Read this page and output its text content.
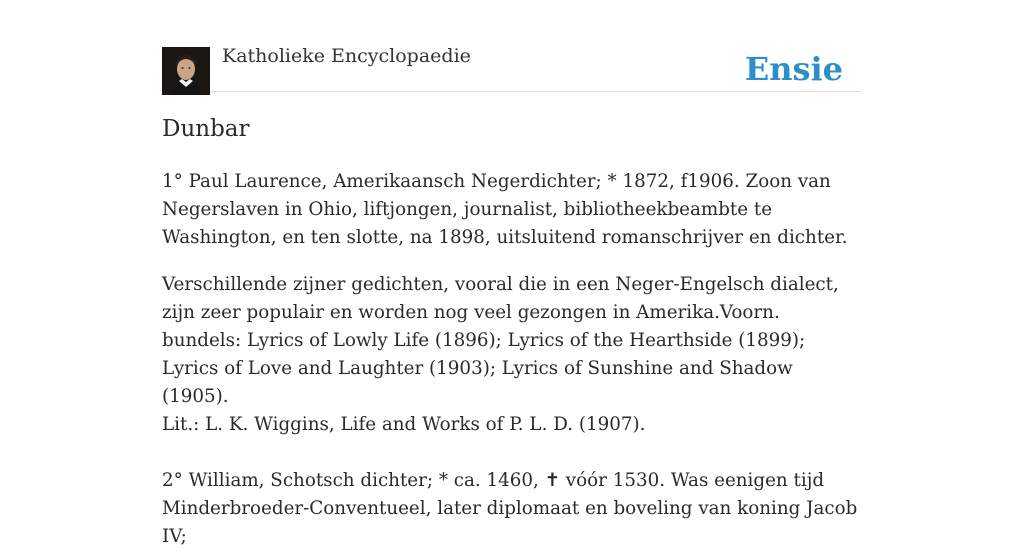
Katholieke Encyclopaedie	Ensie
Dunbar

1° Paul Laurence, Amerikaansch Negerdichter; * 1872, f1906. Zoon van Negerslaven in Ohio, liftjongen, journalist, bibliotheekbeambte te Washington, en ten slotte, na 1898, uitsluitend romanschrijver en dichter.

Verschillende zijner gedichten, vooral die in een Neger-Engelsch dialect, zijn zeer populair en worden nog veel gezongen in Amerika.Voorn. bundels: Lyrics of Lowly Life (1896); Lyrics of the Hearthside (1899); Lyrics of Love and Laughter (1903); Lyrics of Sunshine and Shadow (1905).

Lit.: L. K. Wiggins, Life and Works of P. L. D. (1907).

2° William, Schotsch dichter; * ca. 1460, ✝ vóór 1530. Was eenigen tijd Minderbroeder-Conventueel, later diplomaat en boveling van koning Jacob IV;
